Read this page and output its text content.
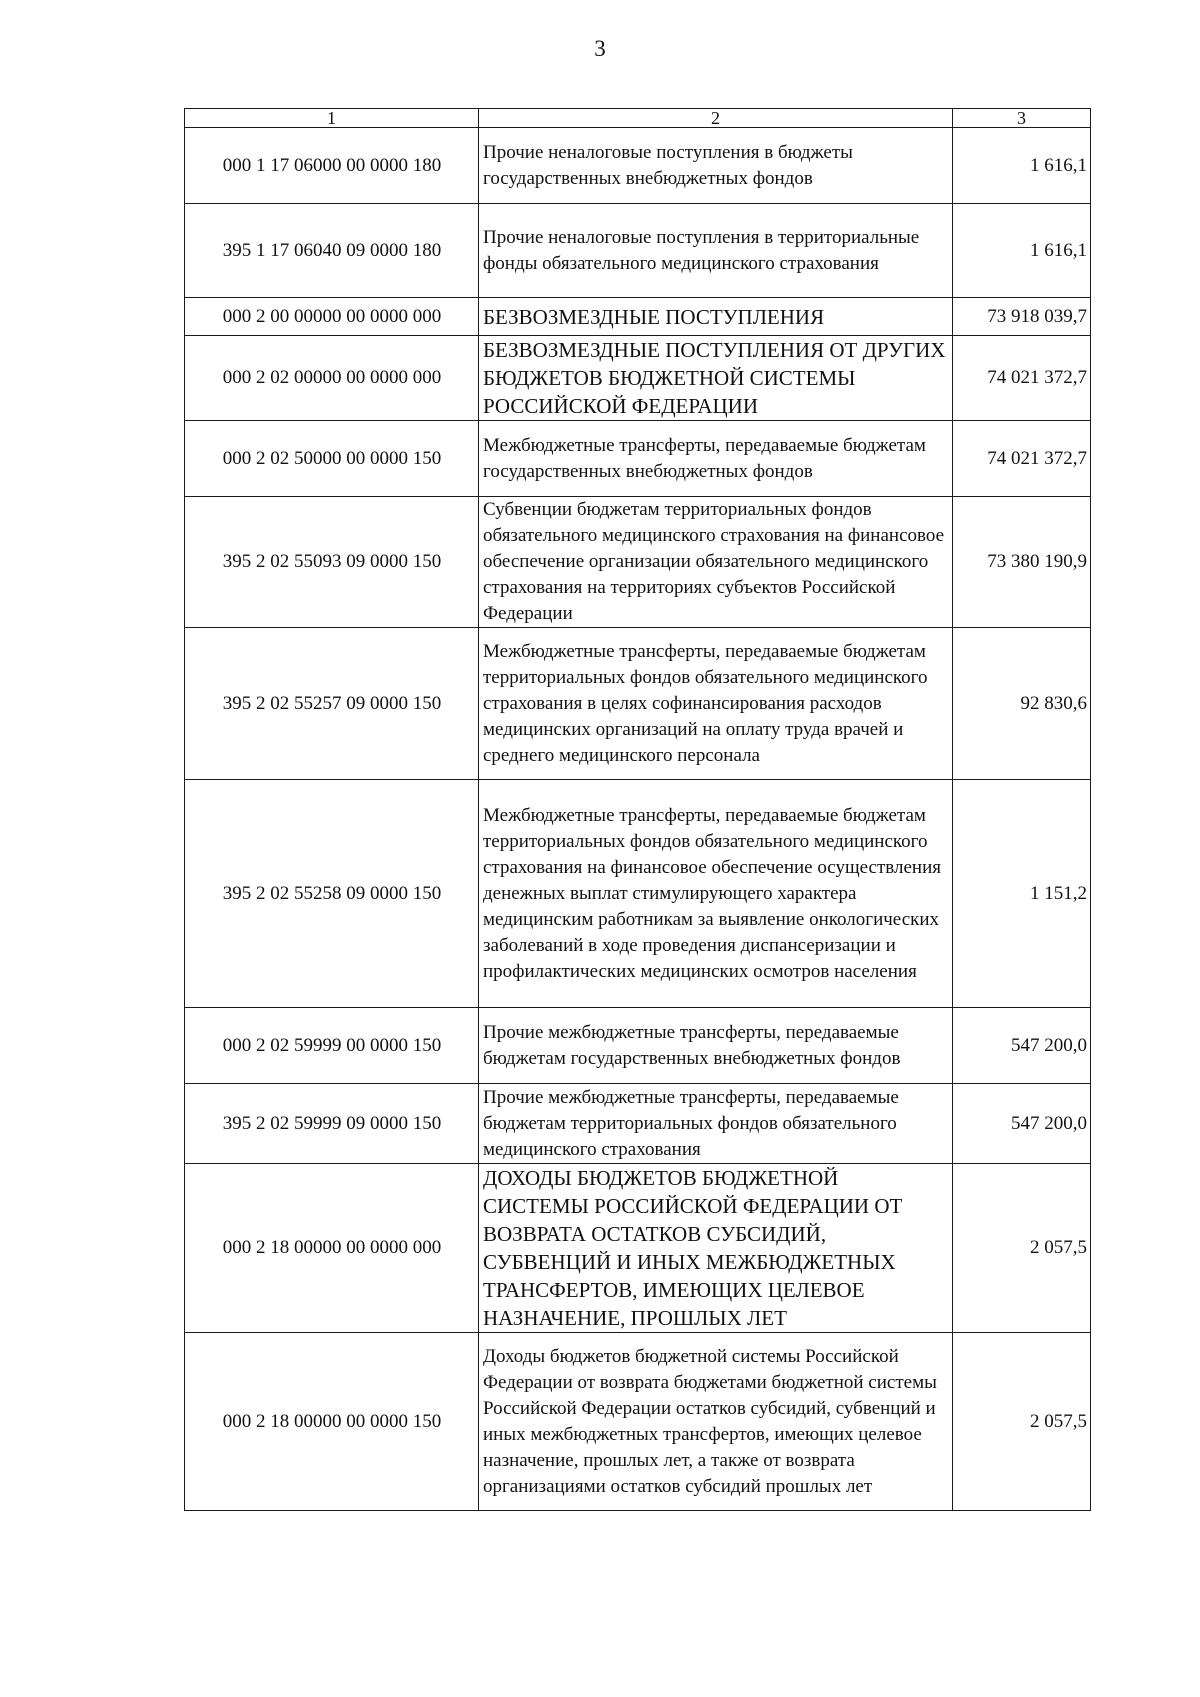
3
1	2	3
000 1 17 06000 00 0000 180	Прочие неналоговые поступления в бюджеты государственных внебюджетных фондов	1 616,1
395 1 17 06040 09 0000 180	Прочие неналоговые поступления в территориальные фонды обязательного медицинского страхования	1 616,1
000 2 00 00000 00 0000 000	БЕЗВОЗМЕЗДНЫЕ ПОСТУПЛЕНИЯ	73 918 039,7
000 2 02 00000 00 0000 000	БЕЗВОЗМЕЗДНЫЕ ПОСТУПЛЕНИЯ ОТ ДРУГИХ БЮДЖЕТОВ БЮДЖЕТНОЙ СИСТЕМЫ РОССИЙСКОЙ ФЕДЕРАЦИИ	74 021 372,7
000 2 02 50000 00 0000 150	Межбюджетные трансферты, передаваемые бюджетам государственных внебюджетных фондов	74 021 372,7
395 2 02 55093 09 0000 150	Субвенции бюджетам территориальных фондов обязательного медицинского страхования на финансовое обеспечение организации обязательного медицинского страхования на территориях субъектов Российской Федерации	73 380 190,9
395 2 02 55257 09 0000 150	Межбюджетные трансферты, передаваемые бюджетам территориальных фондов обязательного медицинского страхования в целях софинансирования расходов медицинских организаций на оплату труда врачей и среднего медицинского персонала	92 830,6
395 2 02 55258 09 0000 150	Межбюджетные трансферты, передаваемые бюджетам территориальных фондов обязательного медицинского страхования на финансовое обеспечение осуществления денежных выплат стимулирующего характера медицинским работникам за выявление онкологических заболеваний в ходе проведения диспансеризации и профилактических медицинских осмотров населения	1 151,2
000 2 02 59999 00 0000 150	Прочие межбюджетные трансферты, передаваемые бюджетам государственных внебюджетных фондов	547 200,0
395 2 02 59999 09 0000 150	Прочие межбюджетные трансферты, передаваемые бюджетам территориальных фондов обязательного медицинского страхования	547 200,0
000 2 18 00000 00 0000 000	ДОХОДЫ БЮДЖЕТОВ БЮДЖЕТНОЙ СИСТЕМЫ РОССИЙСКОЙ ФЕДЕРАЦИИ ОТ ВОЗВРАТА ОСТАТКОВ СУБСИДИЙ, СУБВЕНЦИЙ И ИНЫХ МЕЖБЮДЖЕТНЫХ ТРАНСФЕРТОВ, ИМЕЮЩИХ ЦЕЛЕВОЕ НАЗНАЧЕНИЕ, ПРОШЛЫХ ЛЕТ	2 057,5
000 2 18 00000 00 0000 150	Доходы бюджетов бюджетной системы Российской Федерации от возврата бюджетами бюджетной системы Российской Федерации остатков субсидий, субвенций и иных межбюджетных трансфертов, имеющих целевое назначение, прошлых лет, а также от возврата организациями остатков субсидий прошлых лет	2 057,5
